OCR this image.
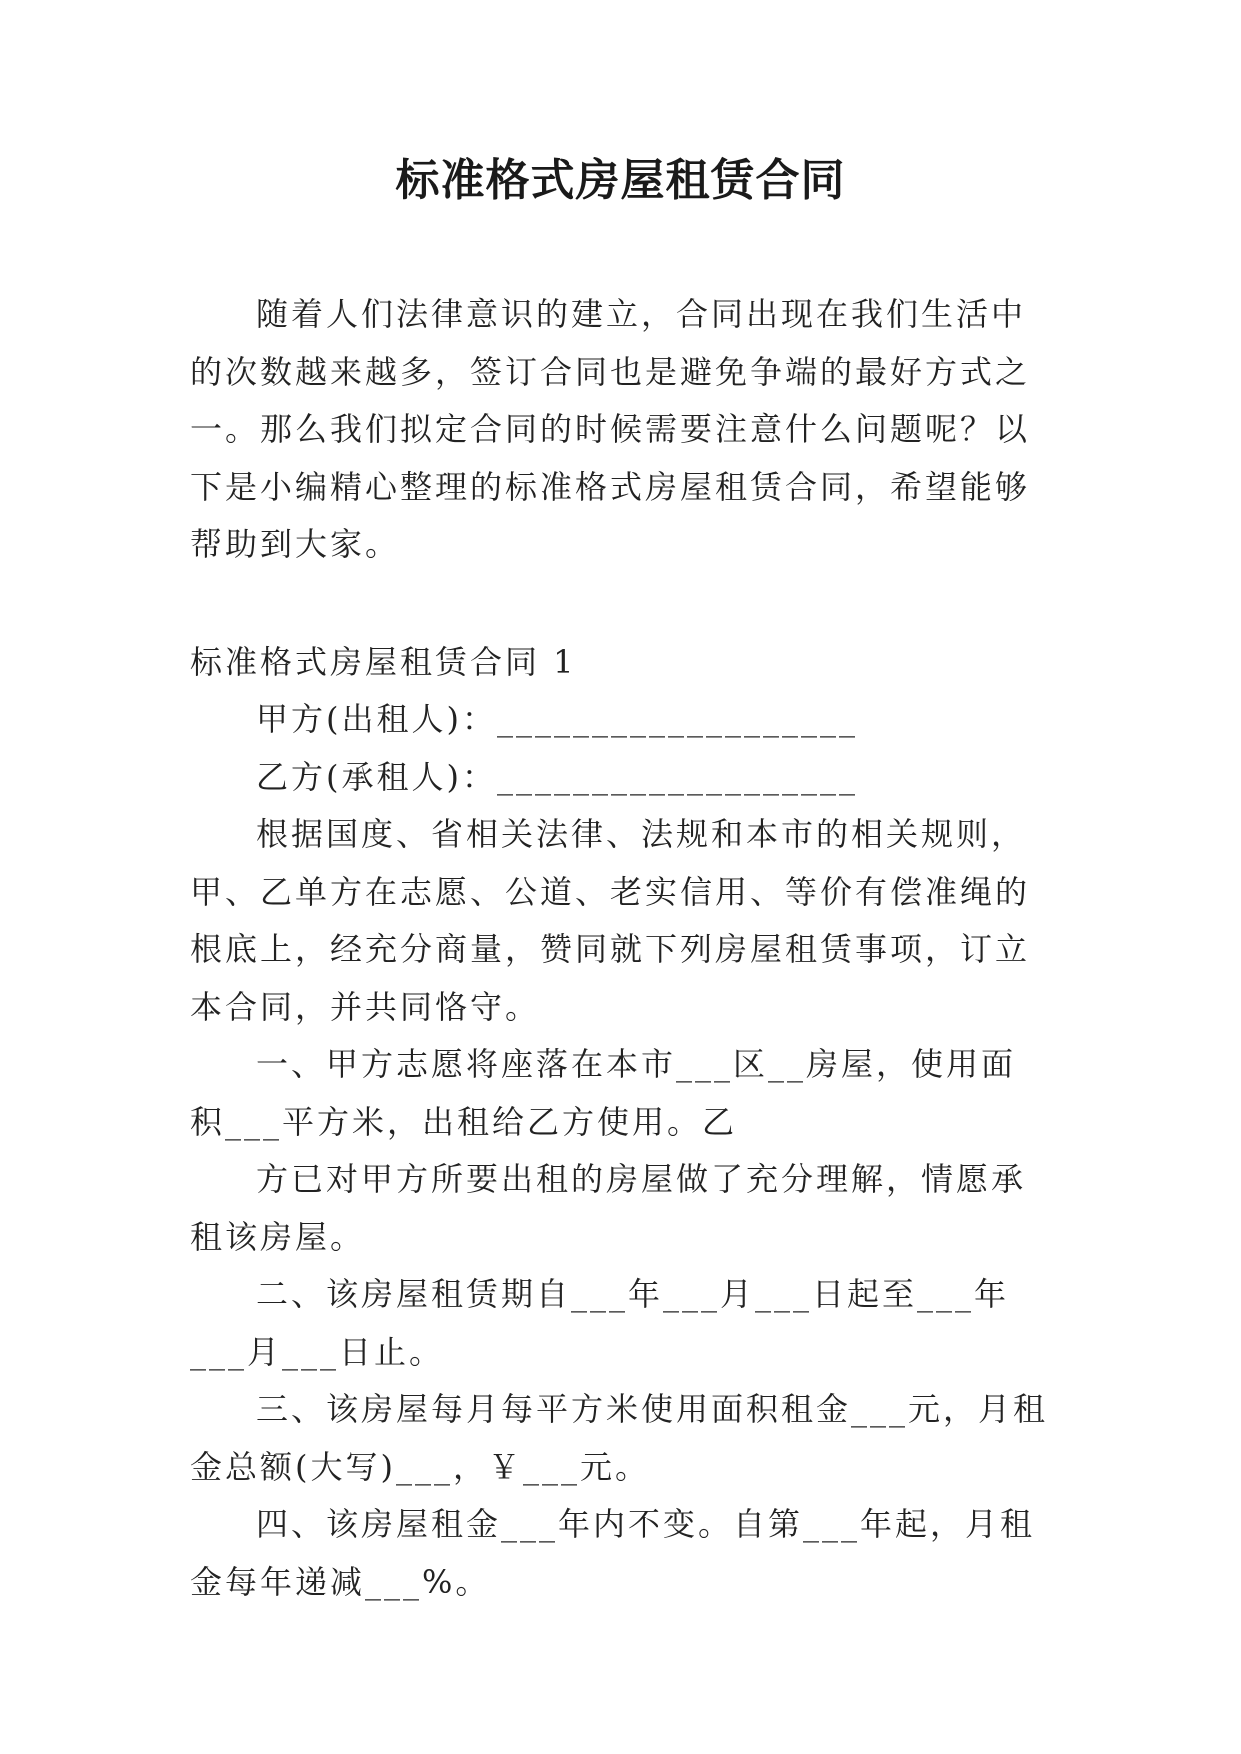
标准格式房屋租赁合同

随着人们法律意识的建立，合同出现在我们生活中的次数越来越多，签订合同也是避免争端的最好方式之一。那么我们拟定合同的时候需要注意什么问题呢？以下是小编精心整理的标准格式房屋租赁合同，希望能够帮助到大家。

标准格式房屋租赁合同 1

甲方(出租人)：___________________

乙方(承租人)：___________________

根据国度、省相关法律、法规和本市的相关规则，甲、乙单方在志愿、公道、老实信用、等价有偿准绳的根底上，经充分商量，赞同就下列房屋租赁事项，订立本合同，并共同恪守。

一、甲方志愿将座落在本市___区__房屋，使用面积___平方米，出租给乙方使用。乙

方已对甲方所要出租的房屋做了充分理解，情愿承租该房屋。

二、该房屋租赁期自___年___月___日起至___年___月___日止。

三、该房屋每月每平方米使用面积租金___元，月租金总额(大写)___，￥___元。

四、该房屋租金___年内不变。自第___年起，月租金每年递减___%。
